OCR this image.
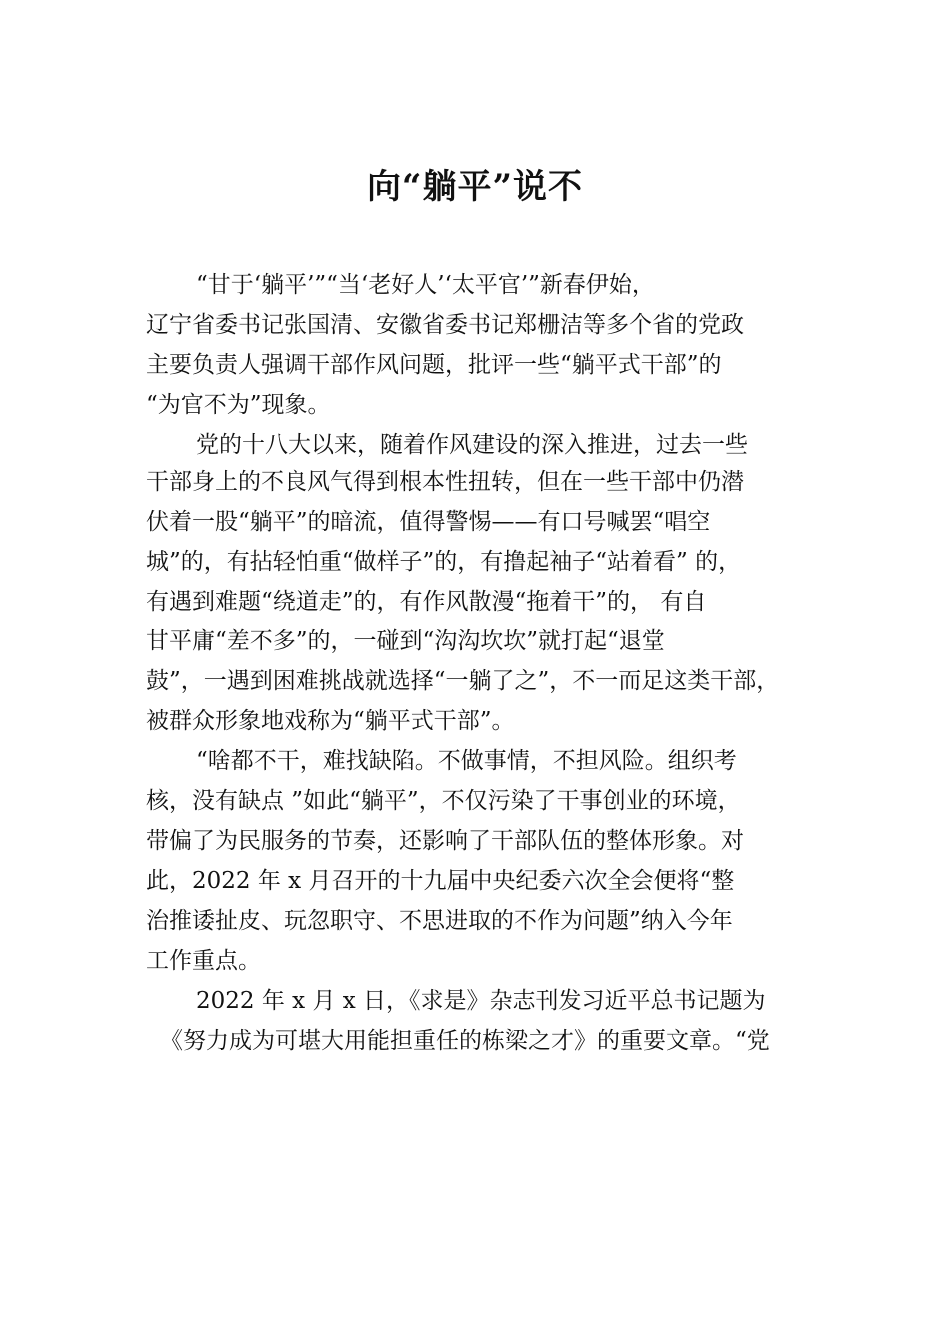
向“躺平”说不
“甘于‘躺平’”“当‘老好人’‘太平官’”新春伊始，
辽宁省委书记张国清、安徽省委书记郑栅洁等多个省的党政
主要负责人强调干部作风问题，批评一些“躺平式干部”的
“为官不为”现象。
党的十八大以来，随着作风建设的深入推进，过去一些
干部身上的不良风气得到根本性扭转，但在一些干部中仍潜
伏着一股“躺平”的暗流，值得警惕——有口号喊罢“唱空
城”的，有拈轻怕重“做样子”的，有撸起袖子“站着看” 的，
有遇到难题“绕道走”的，有作风散漫“拖着干”的， 有自
甘平庸“差不多”的，一碰到“沟沟坎坎”就打起“退堂
鼓”，一遇到困难挑战就选择“一躺了之”，不一而足这类干部，
被群众形象地戏称为“躺平式干部”。
“啥都不干，难找缺陷。不做事情，不担风险。组织考
核，没有缺点 ”如此“躺平”，不仅污染了干事创业的环境，
带偏了为民服务的节奏，还影响了干部队伍的整体形象。对
此，2022 年 x 月召开的十九届中央纪委六次全会便将“整
治推诿扯皮、玩忽职守、不思进取的不作为问题”纳入今年
工作重点。
2022 年 x 月 x 日，《求是》杂志刊发习近平总书记题为
《努力成为可堪大用能担重任的栋梁之才》的重要文章。“党
